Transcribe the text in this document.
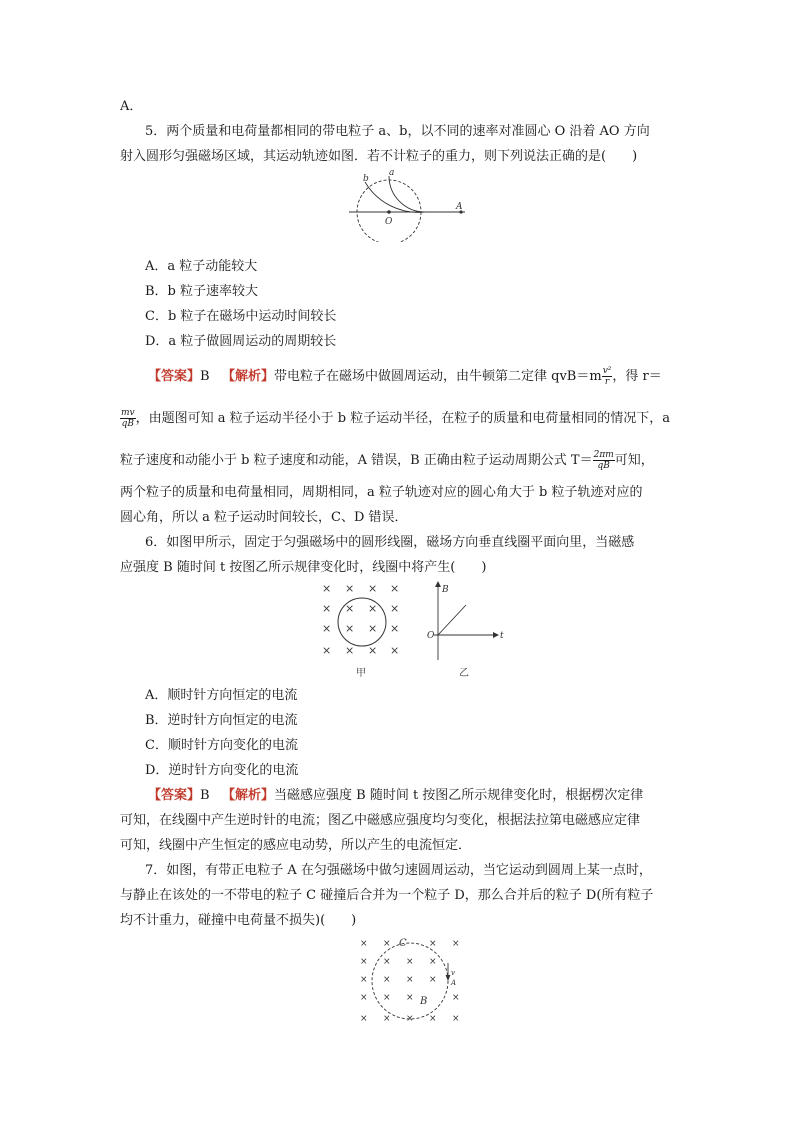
A．
5．两个质量和电荷量都相同的带电粒子 a、b，以不同的速率对准圆心 O 沿着 AO 方向
射入圆形匀强磁场区域，其运动轨迹如图．若不计粒子的重力，则下列说法正确的是(　　)
a
b
O
A
A．a 粒子动能较大
B．b 粒子速率较大
C．b 粒子在磁场中运动时间较长
D．a 粒子做圆周运动的周期较长
【答案】B 【解析】带电粒子在磁场中做圆周运动，由牛顿第二定律 $qvB=m \frac{\text{v²}}{r}$ ，得 r＝
$\frac{mv}{qB}$ ，由题图可知 a 粒子运动半径小于 b 粒子运动半径，在粒子的质量和电荷量相同的情况下，a
粒子速度和动能小于 b 粒子速度和动能，A 错误，B 正确由粒子运动周期公式 $T= \frac{2\pi m}{qB}$ 可知，
两个粒子的质量和电荷量相同，周期相同，a 粒子轨迹对应的圆心角大于 b 粒子轨迹对应的
圆心角，所以 a 粒子运动时间较长，C、D 错误．
6．如图甲所示，固定于匀强磁场中的圆形线圈，磁场方向垂直线圈平面向里，当磁感
应强度 B 随时间 t 按图乙所示规律变化时，线圈中将产生(　　)
× × × ×
× × × ×
× × × ×
× × × ×
甲
B
O	t
乙
A．顺时针方向恒定的电流
B．逆时针方向恒定的电流
C．顺时针方向变化的电流
D．逆时针方向变化的电流
【答案】B 【解析】当磁感应强度 B 随时间 t 按图乙所示规律变化时，根据楞次定律
可知，在线圈中产生逆时针的电流；图乙中磁感应强度均匀变化，根据法拉第电磁感应定律
可知，线圈中产生恒定的感应电动势，所以产生的电流恒定．
7．如图，有带正电粒子 A 在匀强磁场中做匀速圆周运动，当它运动到圆周上某一点时，
与静止在该处的一不带电的粒子 C 碰撞后合并为一个粒子 D，那么合并后的粒子 D(所有粒子
均不计重力，碰撞中电荷量不损失)(　　)
× ×	× ×
× × × ×
× × × ×
× × ×	×
× × × × ×
C
v
A
B
